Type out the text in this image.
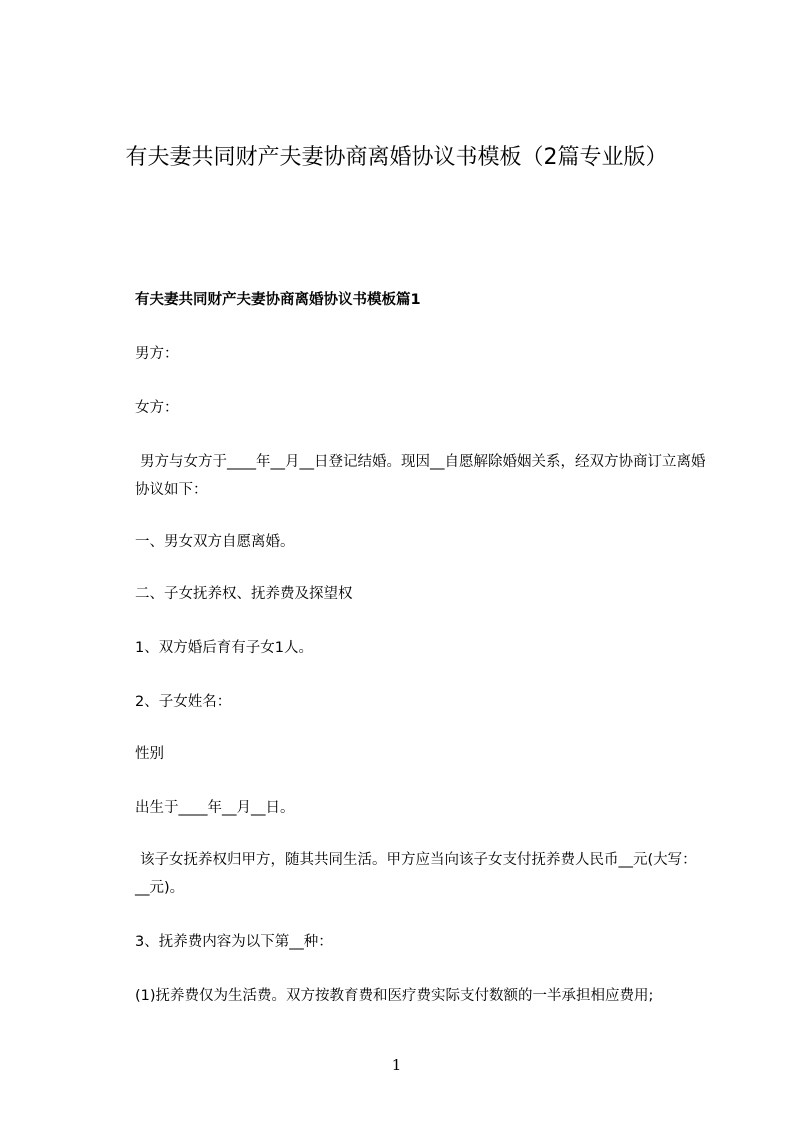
有夫妻共同财产夫妻协商离婚协议书模板（2篇专业版）

有夫妻共同财产夫妻协商离婚协议书模板篇1

男方：

女方：

男方与女方于____年__月__日登记结婚。现因__自愿解除婚姻关系，经双方协商订立离婚协议如下：

一、男女双方自愿离婚。

二、子女抚养权、抚养费及探望权

1、双方婚后育有子女1人。

2、子女姓名：

性别

出生于____年__月__日。

该子女抚养权归甲方，随其共同生活。甲方应当向该子女支付抚养费人民币__元(大写：__元)。

3、抚养费内容为以下第__种：

(1)抚养费仅为生活费。双方按教育费和医疗费实际支付数额的一半承担相应费用;

1
